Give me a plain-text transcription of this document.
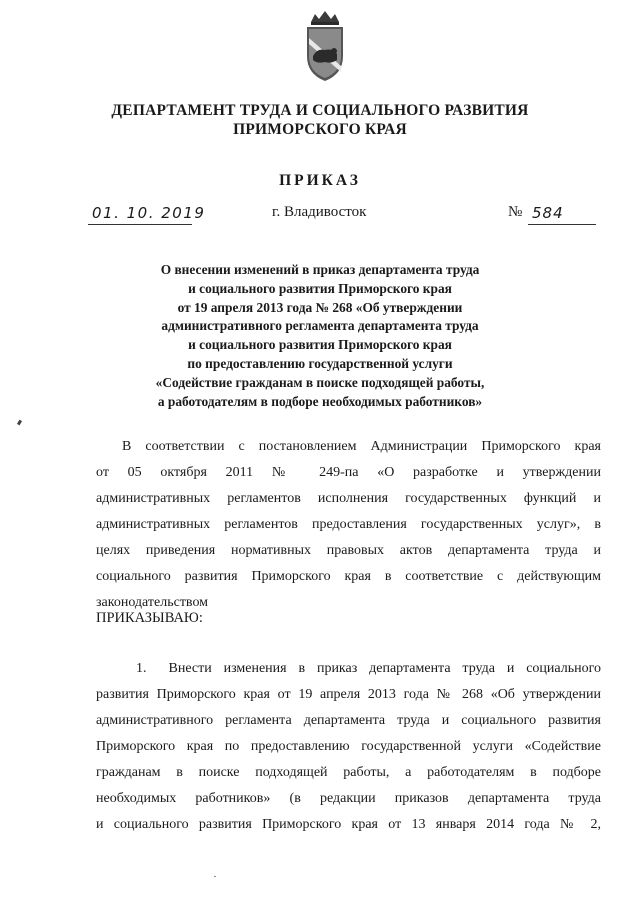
ДЕПАРТАМЕНТ ТРУДА И СОЦИАЛЬНОГО РАЗВИТИЯ
ПРИМОРСКОГО КРАЯ
ПРИКАЗ
01. 10. 2019	г. Владивосток	№ 584
О внесении изменений в приказ департамента труда
и социального развития Приморского края
от 19 апреля 2013 года № 268 «Об утверждении
административного регламента департамента труда
и социального развития Приморского края
по предоставлению государственной услуги
«Содействие гражданам в поиске подходящей работы,
а работодателям в подборе необходимых работников»
В соответствии с постановлением Администрации Приморского края
от 05 октября 2011 № 249-па «О разработке и утверждении
административных регламентов исполнения государственных функций и
административных регламентов предоставления государственных услуг», в
целях приведения нормативных правовых актов департамента труда и
социального развития Приморского края в соответствие с действующим
законодательством
ПРИКАЗЫВАЮ:
1. Внести изменения в приказ департамента труда и социального
развития Приморского края от 19 апреля 2013 года № 268 «Об утверждении
административного регламента департамента труда и социального развития
Приморского края по предоставлению государственной услуги «Содействие
гражданам в поиске подходящей работы, а работодателям в подборе
необходимых работников» (в редакции приказов департамента труда
и социального развития Приморского края от 13 января 2014 года № 2,
